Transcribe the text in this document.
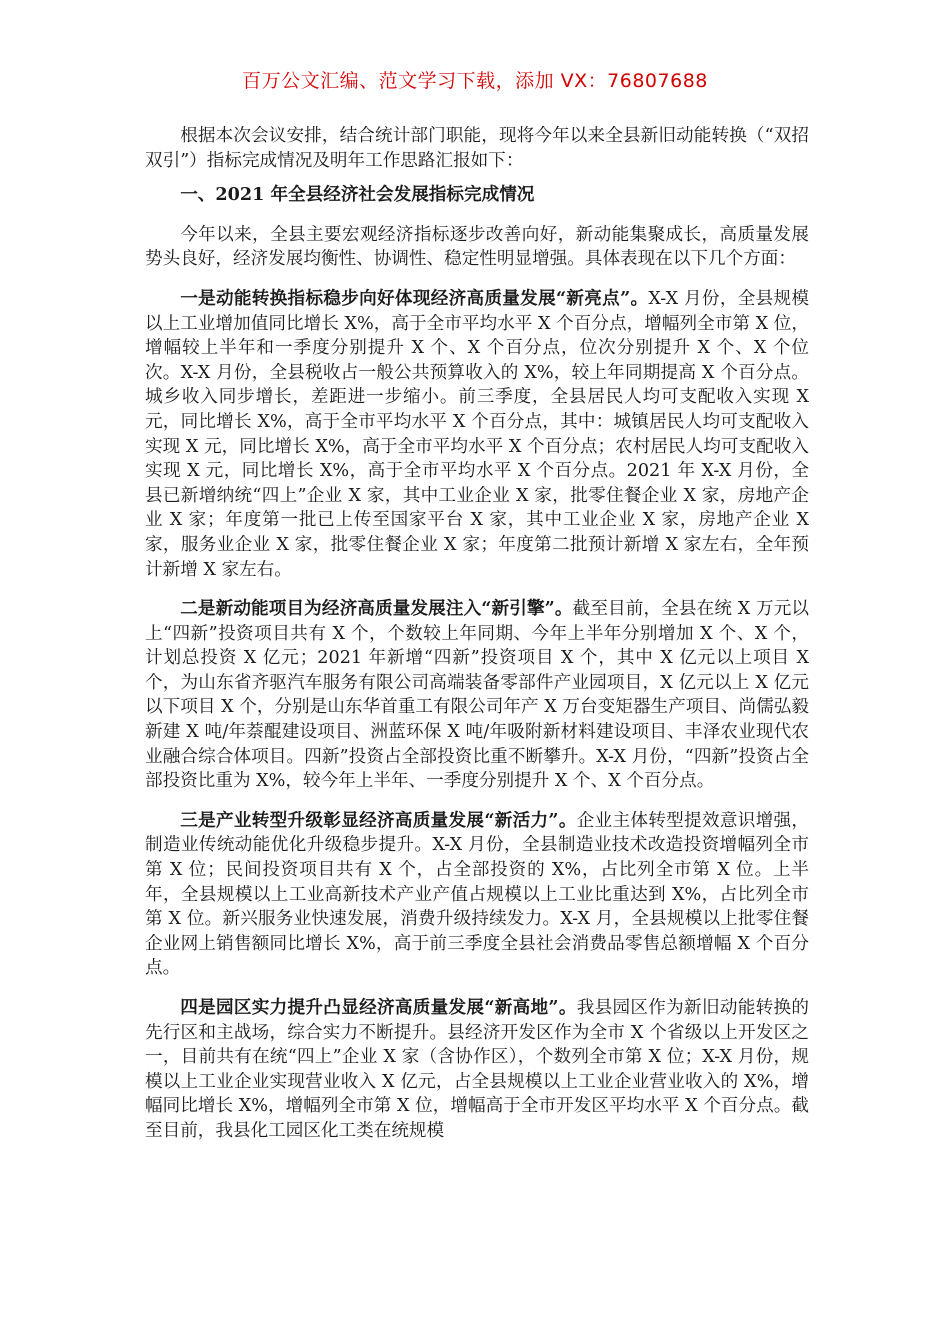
百万公文汇编、范文学习下载，添加 VX：76807688

根据本次会议安排，结合统计部门职能，现将今年以来全县新旧动能转换（“双招双引”）指标完成情况及明年工作思路汇报如下：

一、2021 年全县经济社会发展指标完成情况

今年以来，全县主要宏观经济指标逐步改善向好，新动能集聚成长，高质量发展势头良好，经济发展均衡性、协调性、稳定性明显增强。具体表现在以下几个方面：

一是动能转换指标稳步向好体现经济高质量发展“新亮点”。X-X 月份，全县规模以上工业增加值同比增长 X%，高于全市平均水平 X 个百分点，增幅列全市第 X 位，增幅较上半年和一季度分别提升 X 个、X 个百分点，位次分别提升 X 个、X 个位次。X-X 月份，全县税收占一般公共预算收入的 X%，较上年同期提高 X 个百分点。城乡收入同步增长，差距进一步缩小。前三季度，全县居民人均可支配收入实现 X 元，同比增长 X%，高于全市平均水平 X 个百分点，其中：城镇居民人均可支配收入实现 X 元，同比增长 X%，高于全市平均水平 X 个百分点；农村居民人均可支配收入实现 X 元，同比增长 X%，高于全市平均水平 X 个百分点。2021 年 X-X 月份，全县已新增纳统“四上”企业 X 家，其中工业企业 X 家，批零住餐企业 X 家，房地产企业 X 家；年度第一批已上传至国家平台 X 家，其中工业企业 X 家，房地产企业 X 家，服务业企业 X 家，批零住餐企业 X 家；年度第二批预计新增 X 家左右，全年预计新增 X 家左右。

二是新动能项目为经济高质量发展注入“新引擎”。截至目前，全县在统 X 万元以上“四新”投资项目共有 X 个，个数较上年同期、今年上半年分别增加 X 个、X 个，计划总投资 X 亿元；2021 年新增“四新”投资项目 X 个，其中 X 亿元以上项目 X 个，为山东省齐驱汽车服务有限公司高端装备零部件产业园项目，X 亿元以上 X 亿元以下项目 X 个，分别是山东华首重工有限公司年产 X 万台变矩器生产项目、尚儒弘毅新建 X 吨/年萘醌建设项目、洲蓝环保 X 吨/年吸附新材料建设项目、丰泽农业现代农业融合综合体项目。四新”投资占全部投资比重不断攀升。X-X 月份，“四新”投资占全部投资比重为 X%，较今年上半年、一季度分别提升 X 个、X 个百分点。

三是产业转型升级彰显经济高质量发展“新活力”。企业主体转型提效意识增强，制造业传统动能优化升级稳步提升。X-X 月份，全县制造业技术改造投资增幅列全市第 X 位；民间投资项目共有 X 个，占全部投资的 X%，占比列全市第 X 位。上半年，全县规模以上工业高新技术产业产值占规模以上工业比重达到 X%，占比列全市第 X 位。新兴服务业快速发展，消费升级持续发力。X-X 月，全县规模以上批零住餐企业网上销售额同比增长 X%，高于前三季度全县社会消费品零售总额增幅 X 个百分点。

四是园区实力提升凸显经济高质量发展“新高地”。我县园区作为新旧动能转换的先行区和主战场，综合实力不断提升。县经济开发区作为全市 X 个省级以上开发区之一，目前共有在统“四上”企业 X 家（含协作区），个数列全市第 X 位；X-X 月份，规模以上工业企业实现营业收入 X 亿元，占全县规模以上工业企业营业收入的 X%，增幅同比增长 X%，增幅列全市第 X 位，增幅高于全市开发区平均水平 X 个百分点。截至目前，我县化工园区化工类在统规模
